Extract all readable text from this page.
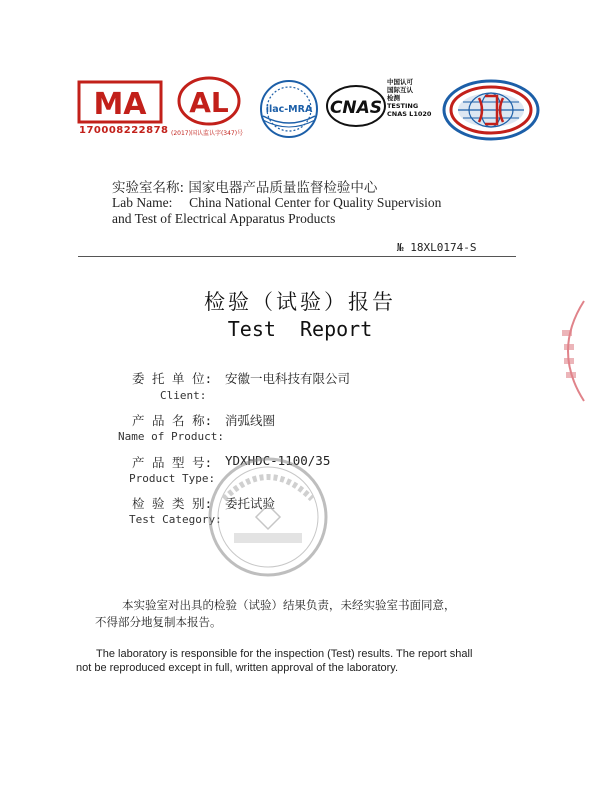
MA
170008222878
AL
(2017)国认监认字(347)号
ilac-MRA CNAS
中国认可
国际互认
检测
TESTING
CNAS L1020
实验室名称: 国家电器产品质量监督检验中心
Lab Name: China National Center for Quality Supervision
and Test of Electrical Apparatus Products
№ 18XL0174-S
检验（试验）报告
Test  Report
委 托 单 位: 安徽一电科技有限公司
Client:
产 品 名 称: 消弧线圈
Name of Product:
产 品 型 号: YDXHDC-1100/35
Product Type:
检 验 类 别: 委托试验
Test Category:
本实验室对出具的检验（试验）结果负责，未经实验室书面同意，
不得部分地复制本报告。
The laboratory is responsible for the inspection (Test) results. The report shall
not be reproduced except in full, written approval of the laboratory.
